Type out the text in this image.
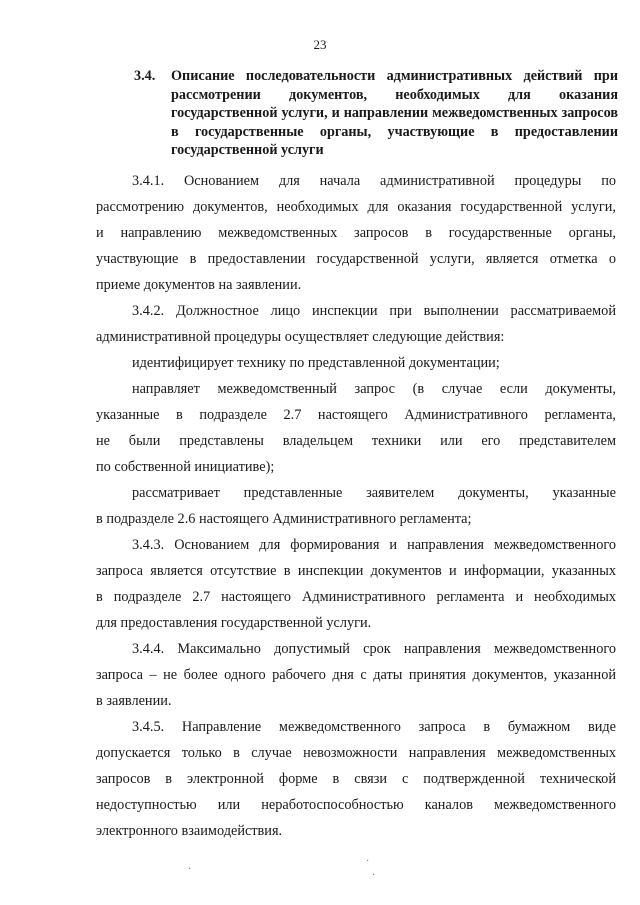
23
3.4. Описание последовательности административных действий при рассмотрении документов, необходимых для оказания государственной услуги, и направлении межведомственных запросов в государственные органы, участвующие в предоставлении государственной услуги
3.4.1. Основанием для начала административной процедуры по
рассмотрению документов, необходимых для оказания государственной услуги,
и направлению межведомственных запросов в государственные органы,
участвующие в предоставлении государственной услуги, является отметка о
приеме документов на заявлении.
3.4.2. Должностное лицо инспекции при выполнении рассматриваемой
административной процедуры осуществляет следующие действия:
идентифицирует технику по представленной документации;
направляет межведомственный запрос (в случае если документы,
указанные в подразделе 2.7 настоящего Административного регламента,
не были представлены владельцем техники или его представителем
по собственной инициативе);
рассматривает представленные заявителем документы, указанные
в подразделе 2.6 настоящего Административного регламента;
3.4.3. Основанием для формирования и направления межведомственного
запроса является отсутствие в инспекции документов и информации, указанных
в подразделе 2.7 настоящего Административного регламента и необходимых
для предоставления государственной услуги.
3.4.4. Максимально допустимый срок направления межведомственного
запроса – не более одного рабочего дня с даты принятия документов, указанной
в заявлении.
3.4.5. Направление межведомственного запроса в бумажном виде
допускается только в случае невозможности направления межведомственных
запросов в электронной форме в связи с подтвержденной технической
недоступностью или неработоспособностью каналов межведомственного
электронного взаимодействия.
·
·
·
